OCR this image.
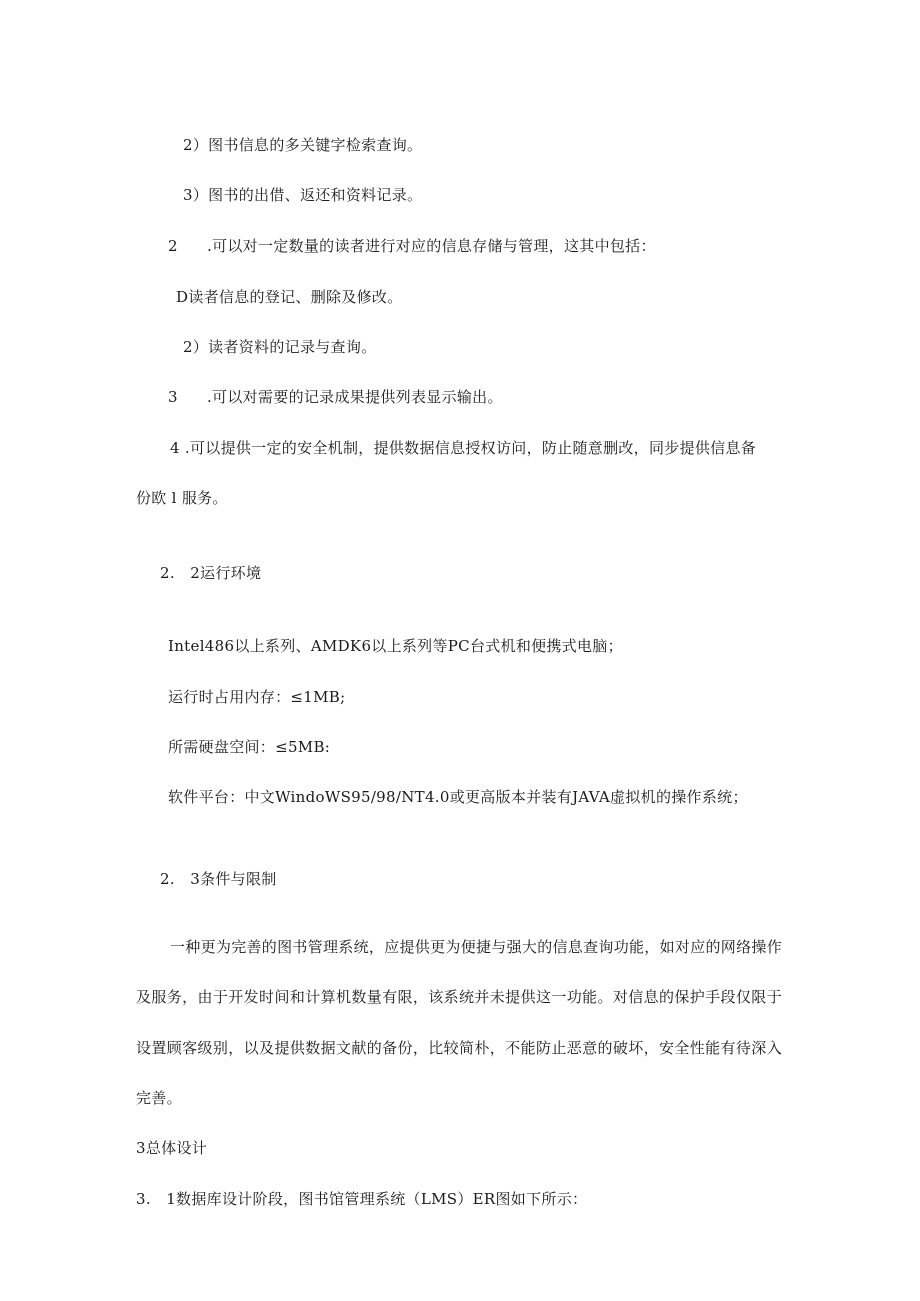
2）图书信息的多关键字检索查询。

3）图书的出借、返还和资料记录。

2 .可以对一定数量的读者进行对应的信息存储与管理，这其中包括：

D读者信息的登记、删除及修改。

2）读者资料的记录与查询。

3 .可以对需要的记录成果提供列表显示输出。

4 .可以提供一定的安全机制，提供数据信息授权访问，防止随意删改，同步提供信息备

份欧 l 服务。

2.　2运行环境

Intel486以上系列、AMDK6以上系列等PC台式机和便携式电脑；

运行时占用内存：≤1MB;

所需硬盘空间：≤5MB:

软件平台：中文WindoWS95/98/NT4.0或更高版本并装有JAVA虚拟机的操作系统；

2.　3条件与限制

一种更为完善的图书管理系统，应提供更为便捷与强大的信息查询功能，如对应的网络操作

及服务，由于开发时间和计算机数量有限，该系统并未提供这一功能。对信息的保护手段仅限于

设置顾客级别，以及提供数据文献的备份，比较简朴，不能防止恶意的破坏，安全性能有待深入

完善。

3总体设计

3.　1数据库设计阶段，图书馆管理系统（LMS）ER图如下所示：
